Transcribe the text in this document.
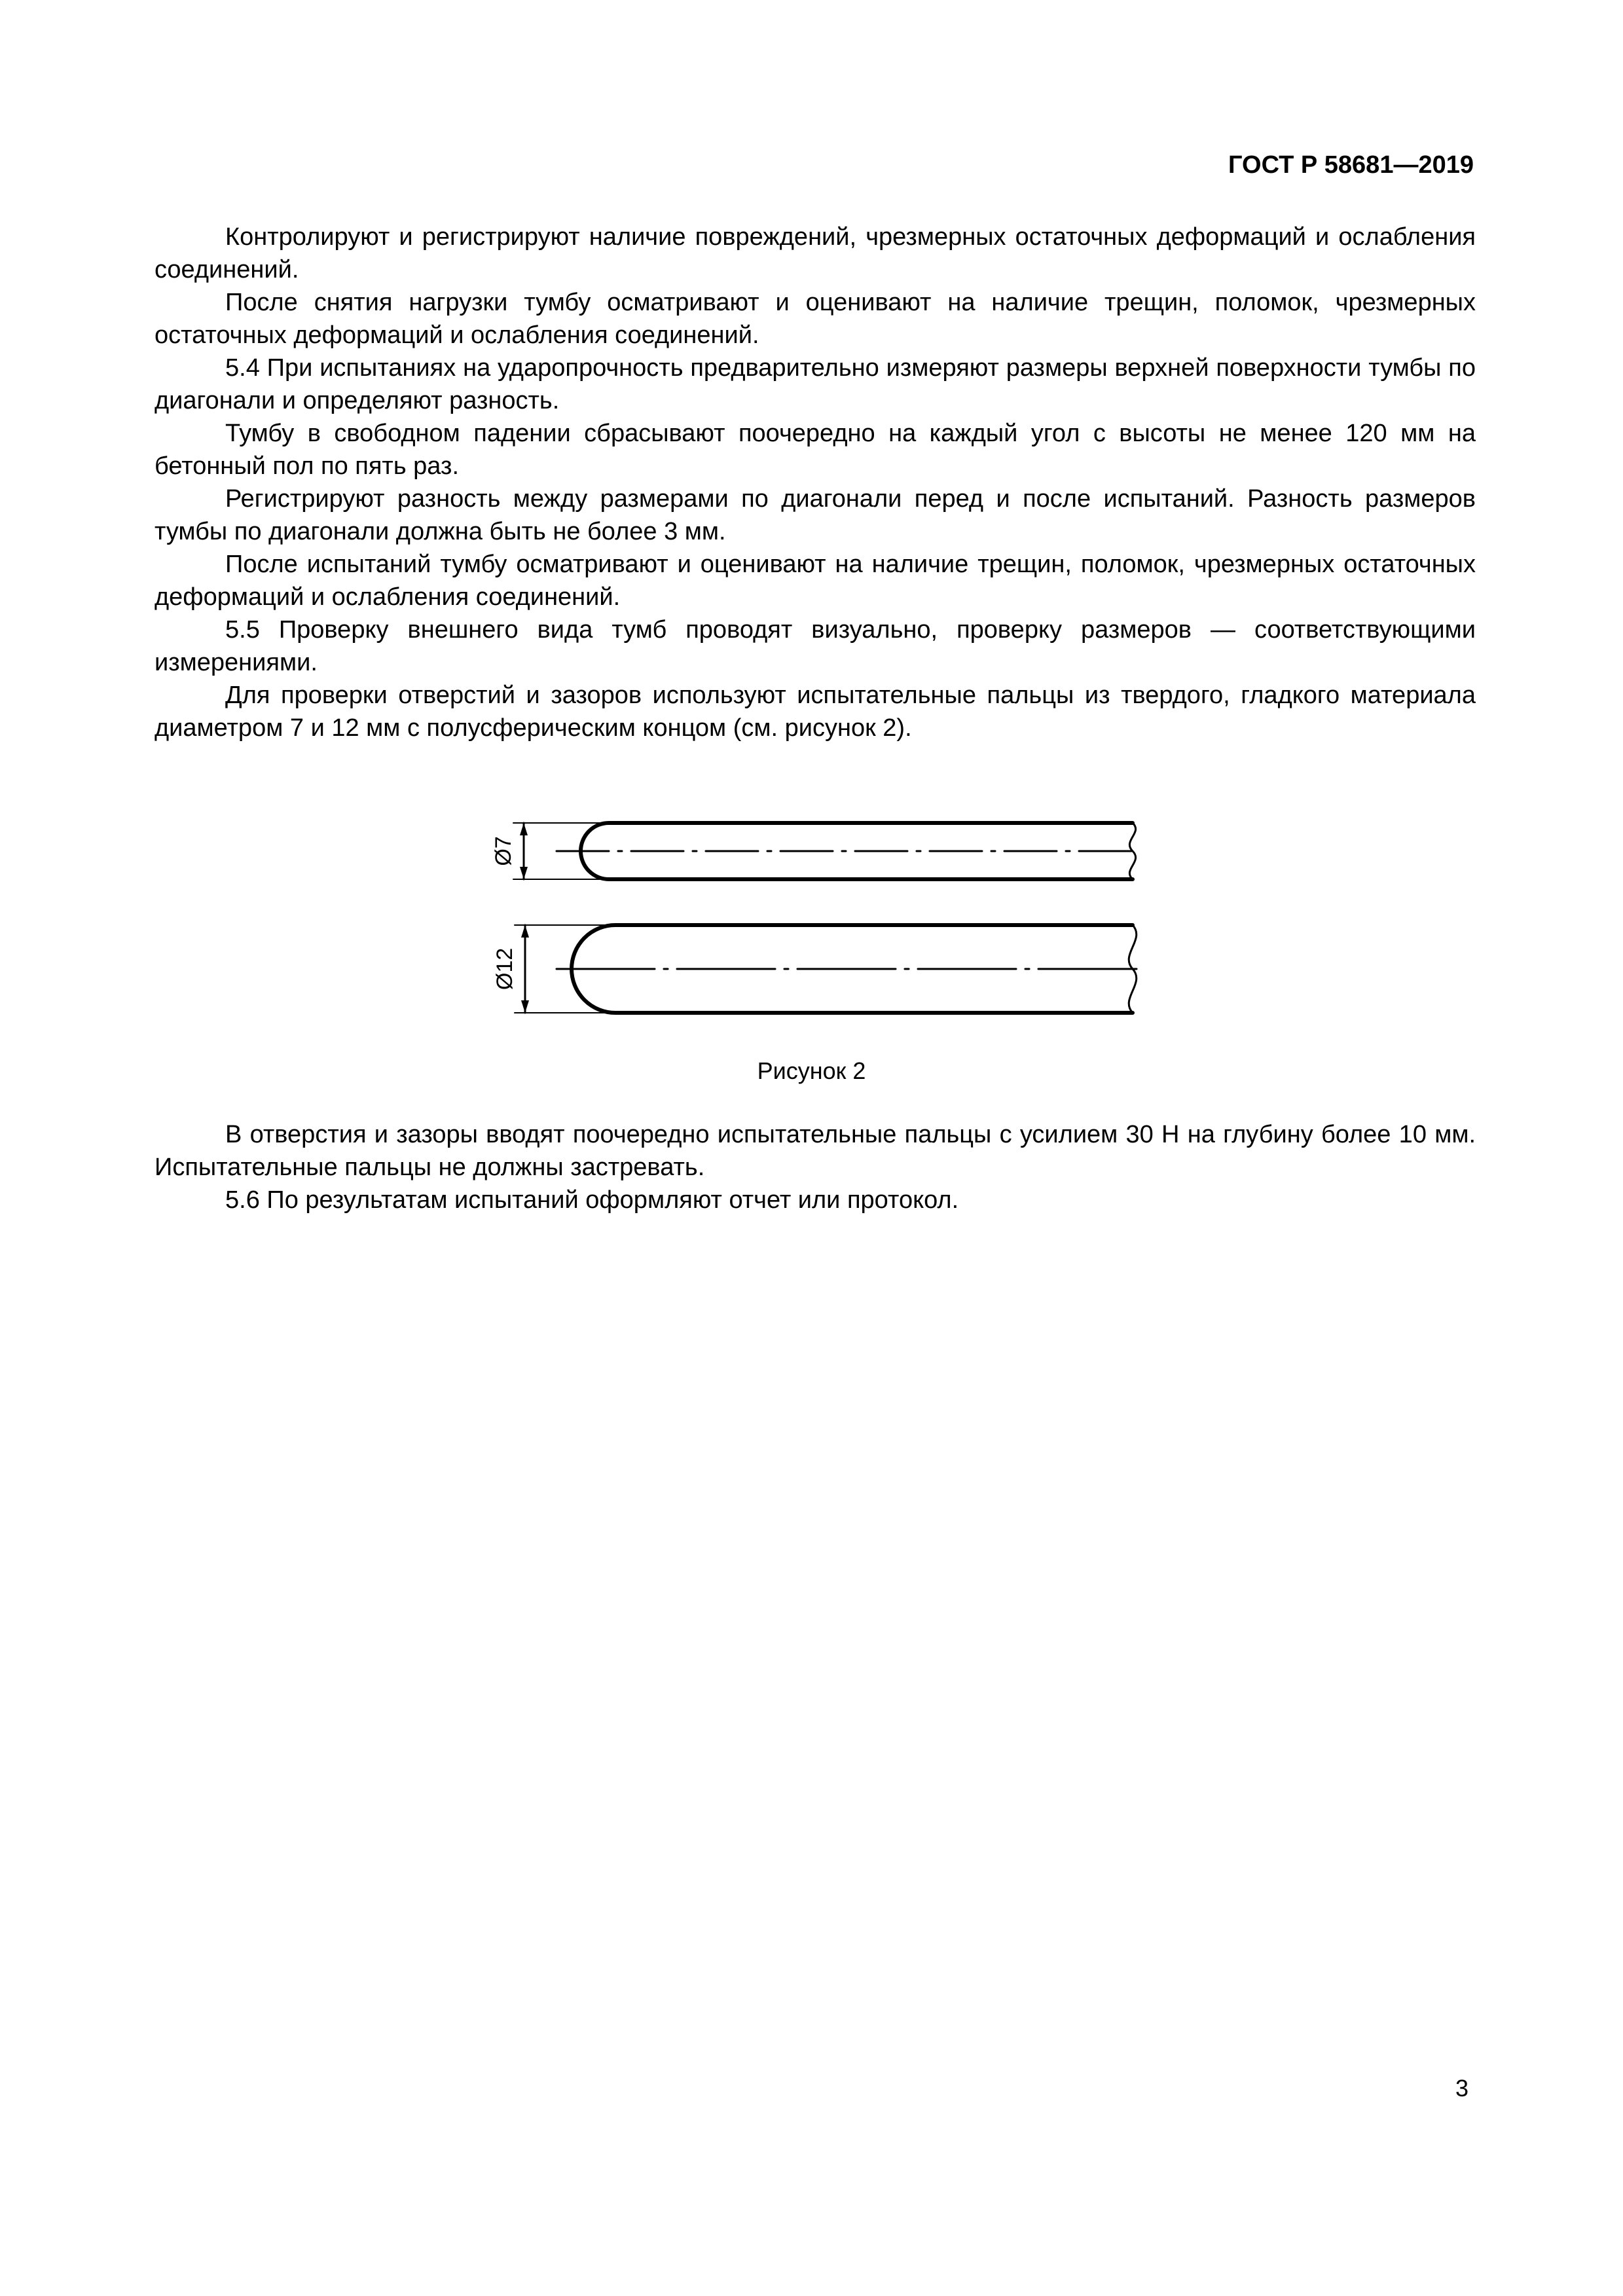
ГОСТ Р 58681—2019

Контролируют и регистрируют наличие повреждений, чрезмерных остаточных деформаций и ослабления соединений.

После снятия нагрузки тумбу осматривают и оценивают на наличие трещин, поломок, чрезмерных остаточных деформаций и ослабления соединений.

5.4 При испытаниях на ударопрочность предварительно измеряют размеры верхней поверхности тумбы по диагонали и определяют разность.

Тумбу в свободном падении сбрасывают поочередно на каждый угол с высоты не менее 120 мм на бетонный пол по пять раз.

Регистрируют разность между размерами по диагонали перед и после испытаний. Разность размеров тумбы по диагонали должна быть не более 3 мм.

После испытаний тумбу осматривают и оценивают на наличие трещин, поломок, чрезмерных остаточных деформаций и ослабления соединений.

5.5 Проверку внешнего вида тумб проводят визуально, проверку размеров — соответствующими измерениями.

Для проверки отверстий и зазоров используют испытательные пальцы из твердого, гладкого материала диаметром 7 и 12 мм с полусферическим концом (см. рисунок 2).

Ø7
Ø12
Рисунок 2

В отверстия и зазоры вводят поочередно испытательные пальцы с усилием 30 Н на глубину более 10 мм. Испытательные пальцы не должны застревать.

5.6 По результатам испытаний оформляют отчет или протокол.

3
